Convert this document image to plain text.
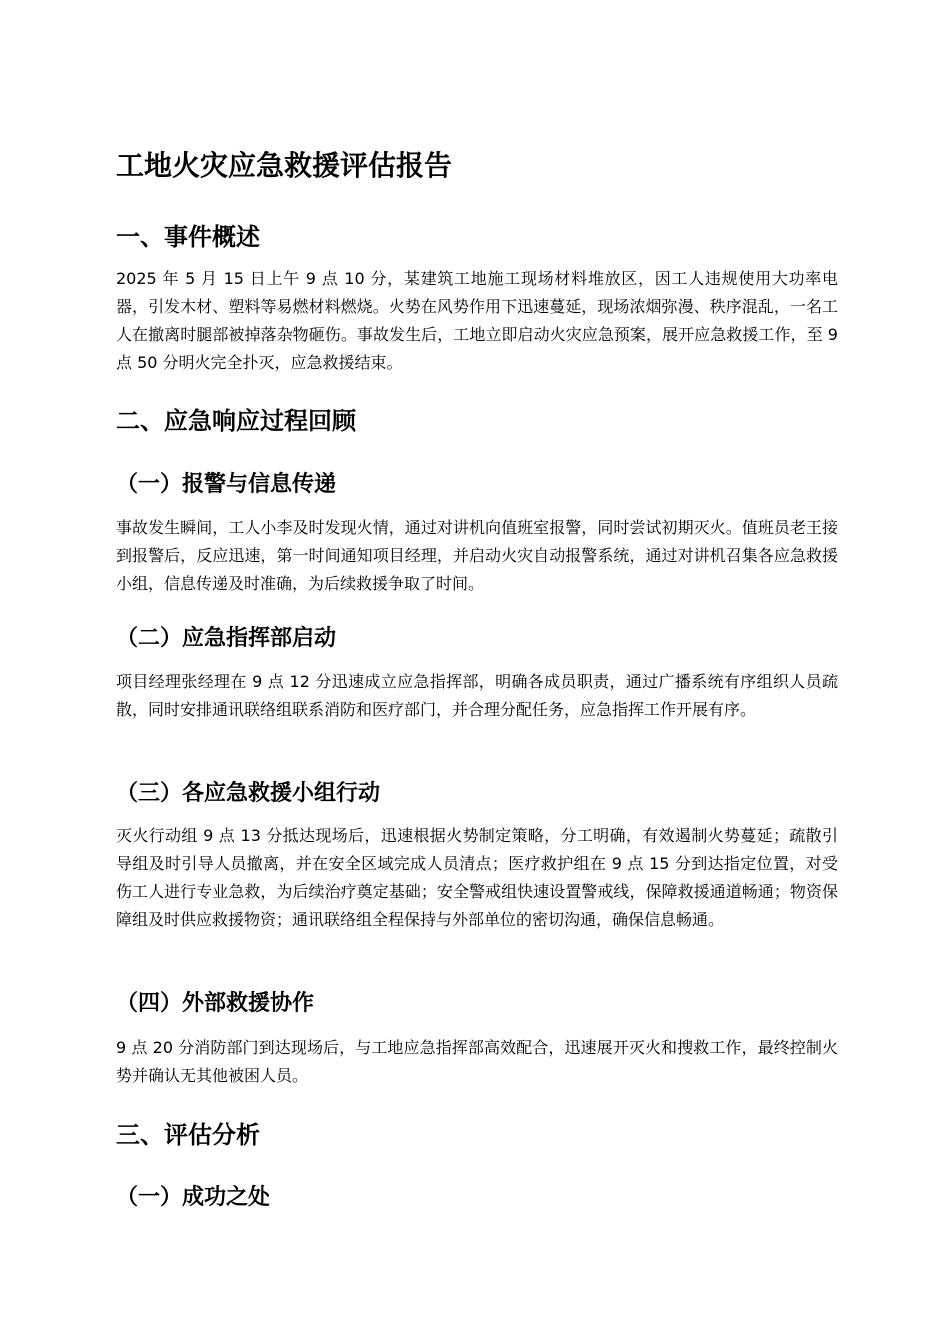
工地火灾应急救援评估报告
一、事件概述

2025 年 5 月 15 日上午 9 点 10 分，某建筑工地施工现场材料堆放区，因工人违规使用大功率电器，引发木材、塑料等易燃材料燃烧。火势在风势作用下迅速蔓延，现场浓烟弥漫、秩序混乱，一名工人在撤离时腿部被掉落杂物砸伤。事故发生后，工地立即启动火灾应急预案，展开应急救援工作，至 9 点 50 分明火完全扑灭，应急救援结束。

二、应急响应过程回顾
（一）报警与信息传递

事故发生瞬间，工人小李及时发现火情，通过对讲机向值班室报警，同时尝试初期灭火。值班员老王接到报警后，反应迅速，第一时间通知项目经理，并启动火灾自动报警系统，通过对讲机召集各应急救援小组，信息传递及时准确，为后续救援争取了时间。

（二）应急指挥部启动

项目经理张经理在 9 点 12 分迅速成立应急指挥部，明确各成员职责，通过广播系统有序组织人员疏散，同时安排通讯联络组联系消防和医疗部门，并合理分配任务，应急指挥工作开展有序。

（三）各应急救援小组行动

灭火行动组 9 点 13 分抵达现场后，迅速根据火势制定策略，分工明确，有效遏制火势蔓延；疏散引导组及时引导人员撤离，并在安全区域完成人员清点；医疗救护组在 9 点 15 分到达指定位置，对受伤工人进行专业急救，为后续治疗奠定基础；安全警戒组快速设置警戒线，保障救援通道畅通；物资保障组及时供应救援物资；通讯联络组全程保持与外部单位的密切沟通，确保信息畅通。

（四）外部救援协作

9 点 20 分消防部门到达现场后，与工地应急指挥部高效配合，迅速展开灭火和搜救工作，最终控制火势并确认无其他被困人员。

三、评估分析
（一）成功之处
